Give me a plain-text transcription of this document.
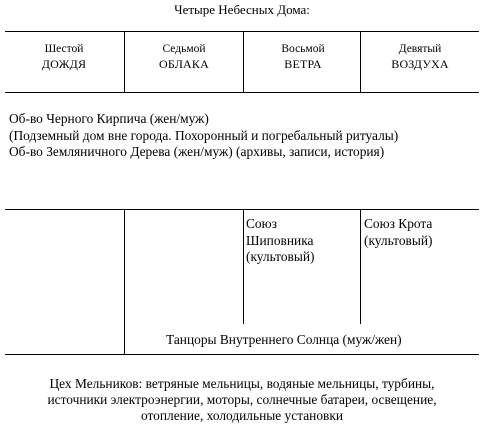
Четыре Небесных Дома:
Шестой
ДОЖДЯ
Седьмой
ОБЛАКА
Восьмой
ВЕТРА
Девятый
ВОЗДУХА
Об-во Черного Кирпича (жен/муж)
(Подземный дом вне города. Похоронный и погребальный ритуалы)
Об-во Земляничного Дерева (жен/муж) (архивы, записи, история)
Союз
Шиповника
(культовый)
Союз Крота
(культовый)
Танцоры Внутреннего Солнца (муж/жен)
Цех Мельников: ветряные мельницы, водяные мельницы, турбины,
источники электроэнергии, моторы, солнечные батареи, освещение,
отопление, холодильные установки
